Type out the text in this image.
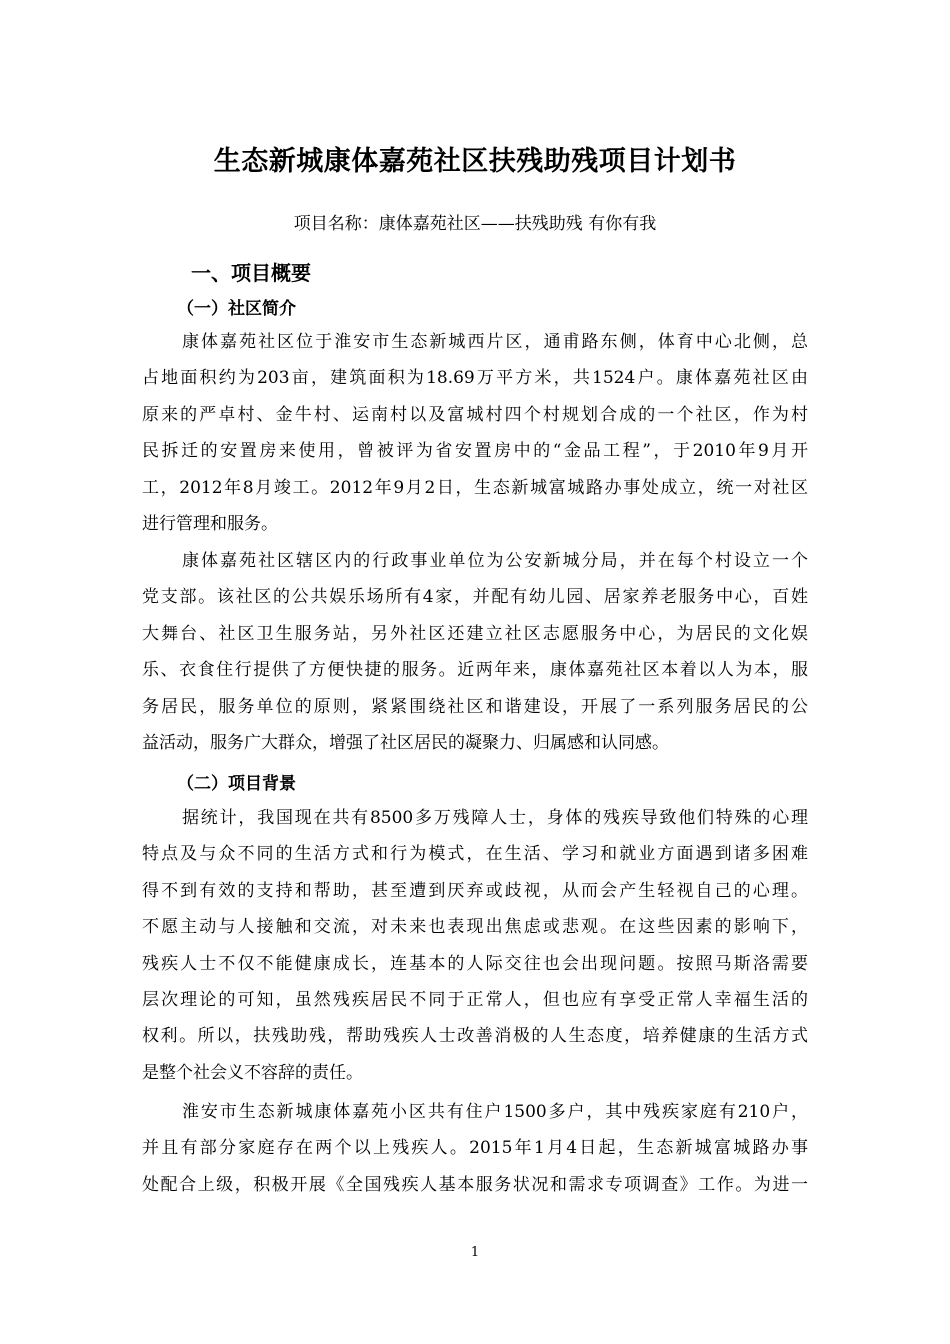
生态新城康体嘉苑社区扶残助残项目计划书
项目名称：康体嘉苑社区——扶残助残 有你有我
一、项目概要
（一）社区简介
康体嘉苑社区位于淮安市生态新城西片区，通甫路东侧，体育中心北侧，总
占地面积约为203亩，建筑面积为18.69万平方米，共1524户。康体嘉苑社区由
原来的严卓村、金牛村、运南村以及富城村四个村规划合成的一个社区，作为村
民拆迁的安置房来使用，曾被评为省安置房中的“金品工程”，于2010年9月开
工，2012年8月竣工。2012年9月2日，生态新城富城路办事处成立，统一对社区
进行管理和服务。
康体嘉苑社区辖区内的行政事业单位为公安新城分局，并在每个村设立一个
党支部。该社区的公共娱乐场所有4家，并配有幼儿园、居家养老服务中心，百姓
大舞台、社区卫生服务站，另外社区还建立社区志愿服务中心，为居民的文化娱
乐、衣食住行提供了方便快捷的服务。近两年来，康体嘉苑社区本着以人为本，服
务居民，服务单位的原则，紧紧围绕社区和谐建设，开展了一系列服务居民的公
益活动，服务广大群众，增强了社区居民的凝聚力、归属感和认同感。
（二）项目背景
据统计，我国现在共有8500多万残障人士，身体的残疾导致他们特殊的心理
特点及与众不同的生活方式和行为模式，在生活、学习和就业方面遇到诸多困难
得不到有效的支持和帮助，甚至遭到厌弃或歧视，从而会产生轻视自己的心理。
不愿主动与人接触和交流，对未来也表现出焦虑或悲观。在这些因素的影响下，
残疾人士不仅不能健康成长，连基本的人际交往也会出现问题。按照马斯洛需要
层次理论的可知，虽然残疾居民不同于正常人，但也应有享受正常人幸福生活的
权利。所以，扶残助残，帮助残疾人士改善消极的人生态度，培养健康的生活方式
是整个社会义不容辞的责任。
淮安市生态新城康体嘉苑小区共有住户1500多户，其中残疾家庭有210户，
并且有部分家庭存在两个以上残疾人。2015年1月4日起，生态新城富城路办事
处配合上级，积极开展《全国残疾人基本服务状况和需求专项调查》工作。为进一
1
